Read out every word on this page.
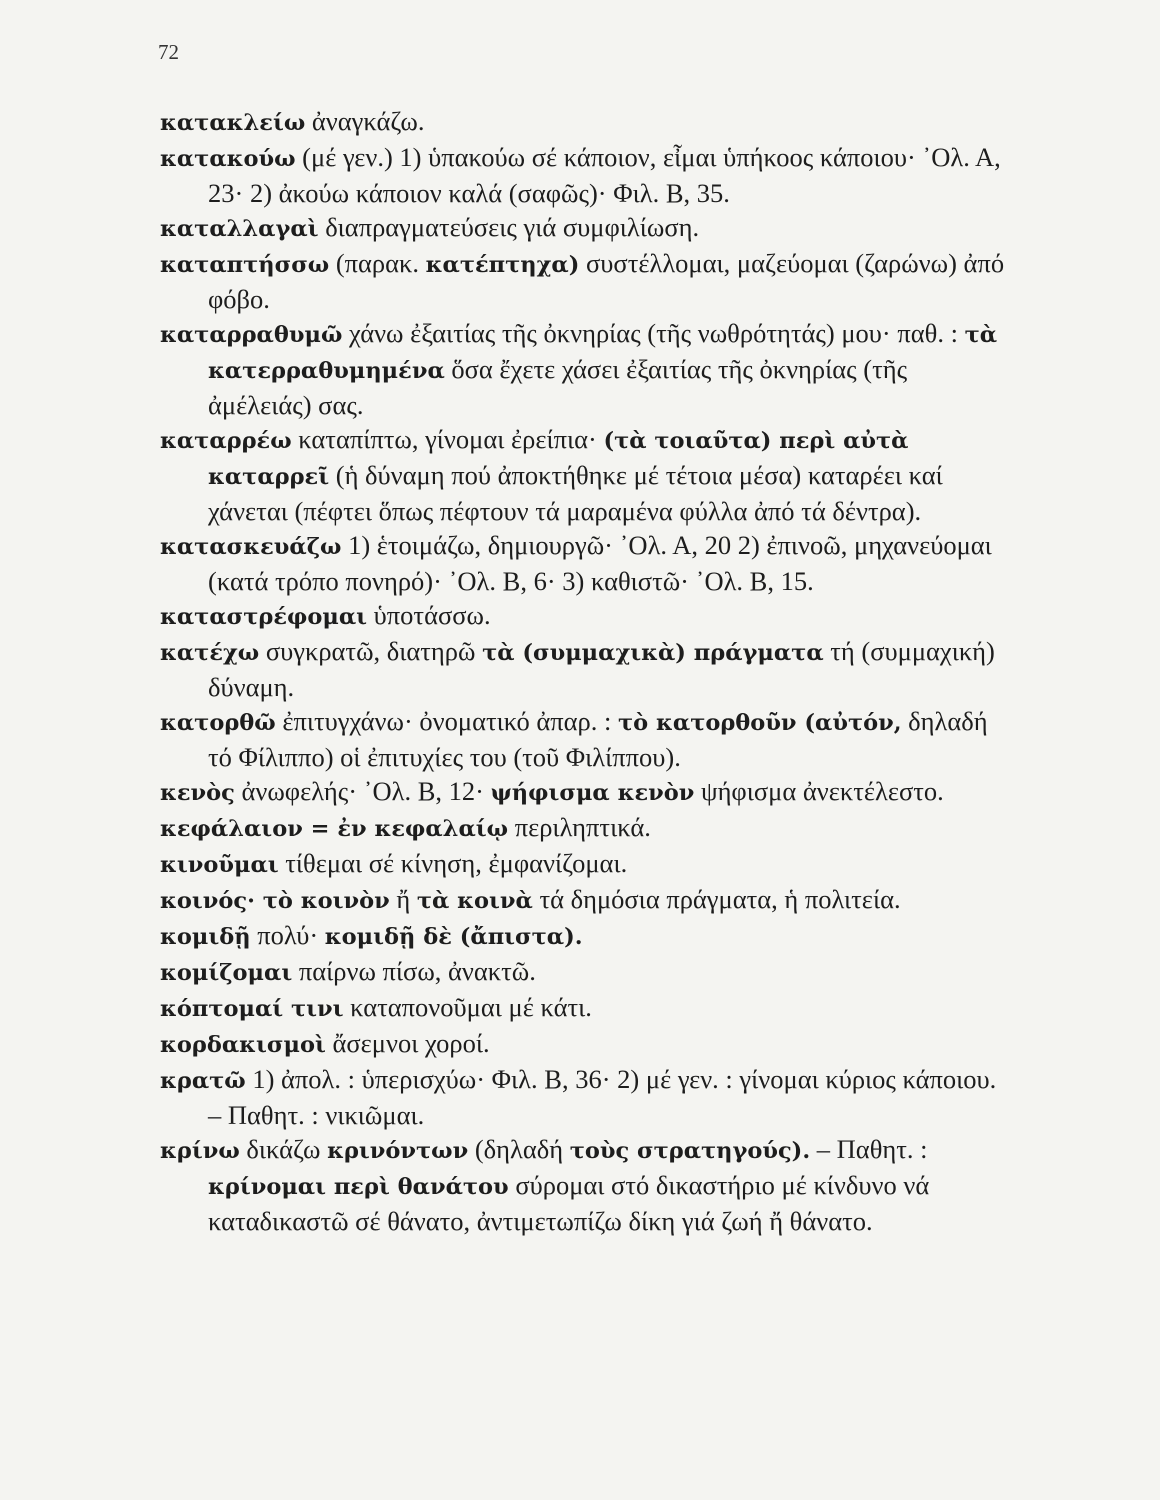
72

κατακλείω ἀναγκάζω.

κατακούω (μέ γεν.) 1) ὑπακούω σέ κάποιον, εἶμαι ὑπήκοος κάποιου· ᾿Ολ. Α, 23· 2) ἀκούω κάποιον καλά (σαφῶς)· Φιλ. Β, 35.

καταλλαγαὶ διαπραγματεύσεις γιά συμφιλίωση.

καταπτήσσω (παρακ. κατέπτηχα) συστέλλομαι, μαζεύομαι (ζαρώνω) ἀπό φόβο.

καταρραθυμῶ χάνω ἐξαιτίας τῆς ὀκνηρίας (τῆς νωθρότητάς) μου· παθ. : τὰ κατερραθυμημένα ὅσα ἔχετε χάσει ἐξαιτίας τῆς ὀκνηρίας (τῆς ἀμέλειάς) σας.

καταρρέω καταπίπτω, γίνομαι ἐρείπια· (τὰ τοιαῦτα) περὶ αὐτὰ καταρρεῖ (ἡ δύναμη πού ἀποκτήθηκε μέ τέτοια μέσα) καταρέει καί χάνεται (πέφτει ὅπως πέφτουν τά μαραμένα φύλλα ἀπό τά δέντρα).

κατασκευάζω 1) ἑτοιμάζω, δημιουργῶ· ᾿Ολ. Α, 20 2) ἐπινοῶ, μηχανεύομαι (κατά τρόπο πονηρό)· ᾿Ολ. Β, 6· 3) καθιστῶ· ᾿Ολ. Β, 15.

καταστρέφομαι ὑποτάσσω.

κατέχω συγκρατῶ, διατηρῶ τὰ (συμμαχικὰ) πράγματα τή (συμμαχική) δύναμη.

κατορθῶ ἐπιτυγχάνω· ὀνοματικό ἀπαρ. : τὸ κατορθοῦν (αὐτόν, δηλαδή τό Φίλιππο) οἱ ἐπιτυχίες του (τοῦ Φιλίππου).

κενὸς ἀνωφελής· ᾿Ολ. Β, 12· ψήφισμα κενὸν ψήφισμα ἀνεκτέλεστο.

κεφάλαιον = ἐν κεφαλαίῳ περιληπτικά.

κινοῦμαι τίθεμαι σέ κίνηση, ἐμφανίζομαι.

κοινός· τὸ κοινὸν ἤ τὰ κοινὰ τά δημόσια πράγματα, ἡ πολιτεία.

κομιδῇ πολύ· κομιδῇ δὲ (ἄπιστα).

κομίζομαι παίρνω πίσω, ἀνακτῶ.

κόπτομαί τινι καταπονοῦμαι μέ κάτι.

κορδακισμοὶ ἄσεμνοι χοροί.

κρατῶ 1) ἀπολ. : ὑπερισχύω· Φιλ. Β, 36· 2) μέ γεν. : γίνομαι κύριος κάποιου. – Παθητ. : νικιῶμαι.

κρίνω δικάζω κρινόντων (δηλαδή τοὺς στρατηγούς). – Παθητ. : κρίνομαι περὶ θανάτου σύρομαι στό δικαστήριο μέ κίνδυνο νά καταδικαστῶ σέ θάνατο, ἀντιμετωπίζω δίκη γιά ζωή ἤ θάνατο.
